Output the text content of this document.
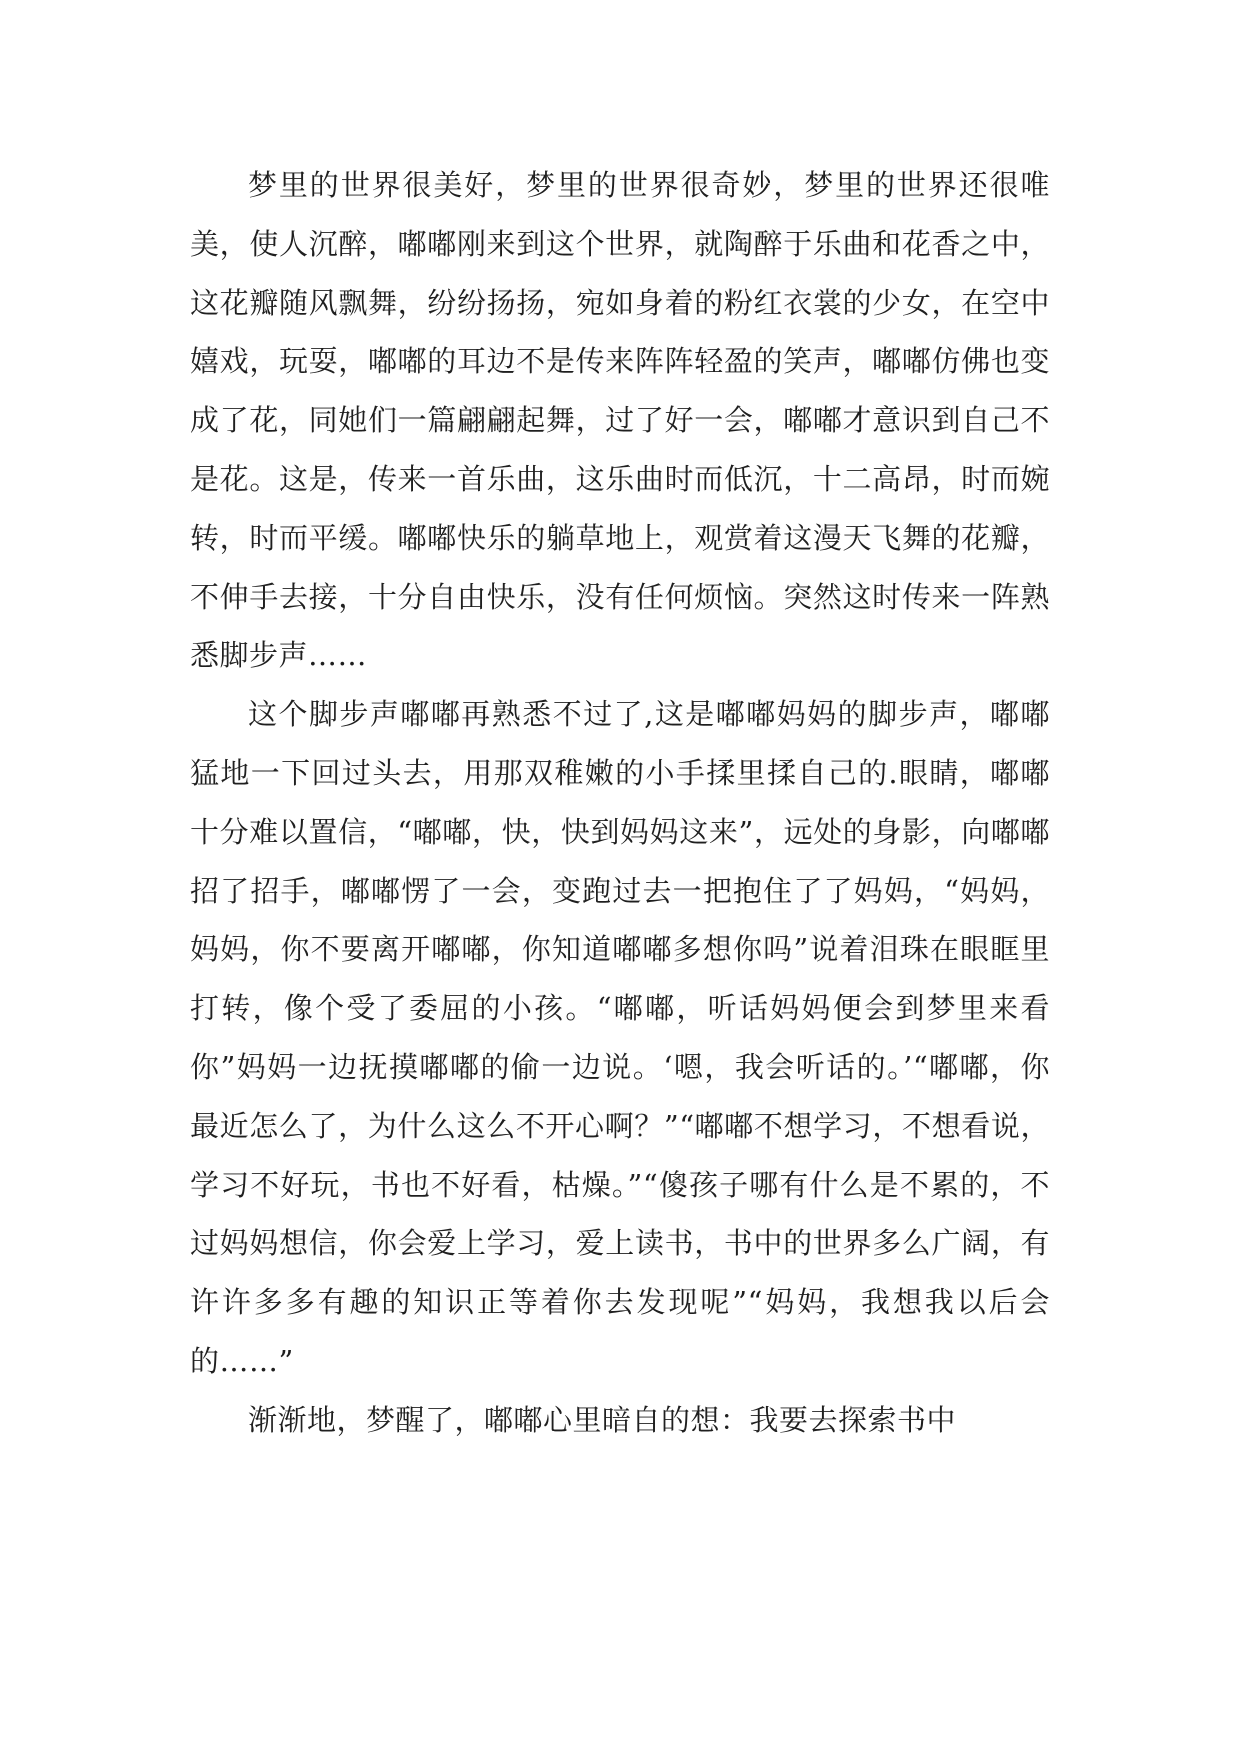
梦里的世界很美好，梦里的世界很奇妙，梦里的世界还很唯美，使人沉醉，嘟嘟刚来到这个世界，就陶醉于乐曲和花香之中，这花瓣随风飘舞，纷纷扬扬，宛如身着的粉红衣裳的少女，在空中嬉戏，玩耍，嘟嘟的耳边不是传来阵阵轻盈的笑声，嘟嘟仿佛也变成了花，同她们一篇翩翩起舞，过了好一会，嘟嘟才意识到自己不是花。这是，传来一首乐曲，这乐曲时而低沉，十二高昂，时而婉转，时而平缓。嘟嘟快乐的躺草地上，观赏着这漫天飞舞的花瓣，不伸手去接，十分自由快乐，没有任何烦恼。突然这时传来一阵熟悉脚步声……

这个脚步声嘟嘟再熟悉不过了,这是嘟嘟妈妈的脚步声，嘟嘟猛地一下回过头去，用那双稚嫩的小手揉里揉自己的.眼睛，嘟嘟十分难以置信，“嘟嘟，快，快到妈妈这来”，远处的身影，向嘟嘟招了招手，嘟嘟愣了一会，变跑过去一把抱住了了妈妈，“妈妈，妈妈，你不要离开嘟嘟，你知道嘟嘟多想你吗”说着泪珠在眼眶里打转，像个受了委屈的小孩。“嘟嘟，听话妈妈便会到梦里来看你”妈妈一边抚摸嘟嘟的偷一边说。‘嗯，我会听话的。’“嘟嘟，你最近怎么了，为什么这么不开心啊？”“嘟嘟不想学习，不想看说，学习不好玩，书也不好看，枯燥。”“傻孩子哪有什么是不累的，不过妈妈想信，你会爱上学习，爱上读书，书中的世界多么广阔，有许许多多有趣的知识正等着你去发现呢”“妈妈，我想我以后会的……”

渐渐地，梦醒了，嘟嘟心里暗自的想：我要去探索书中
